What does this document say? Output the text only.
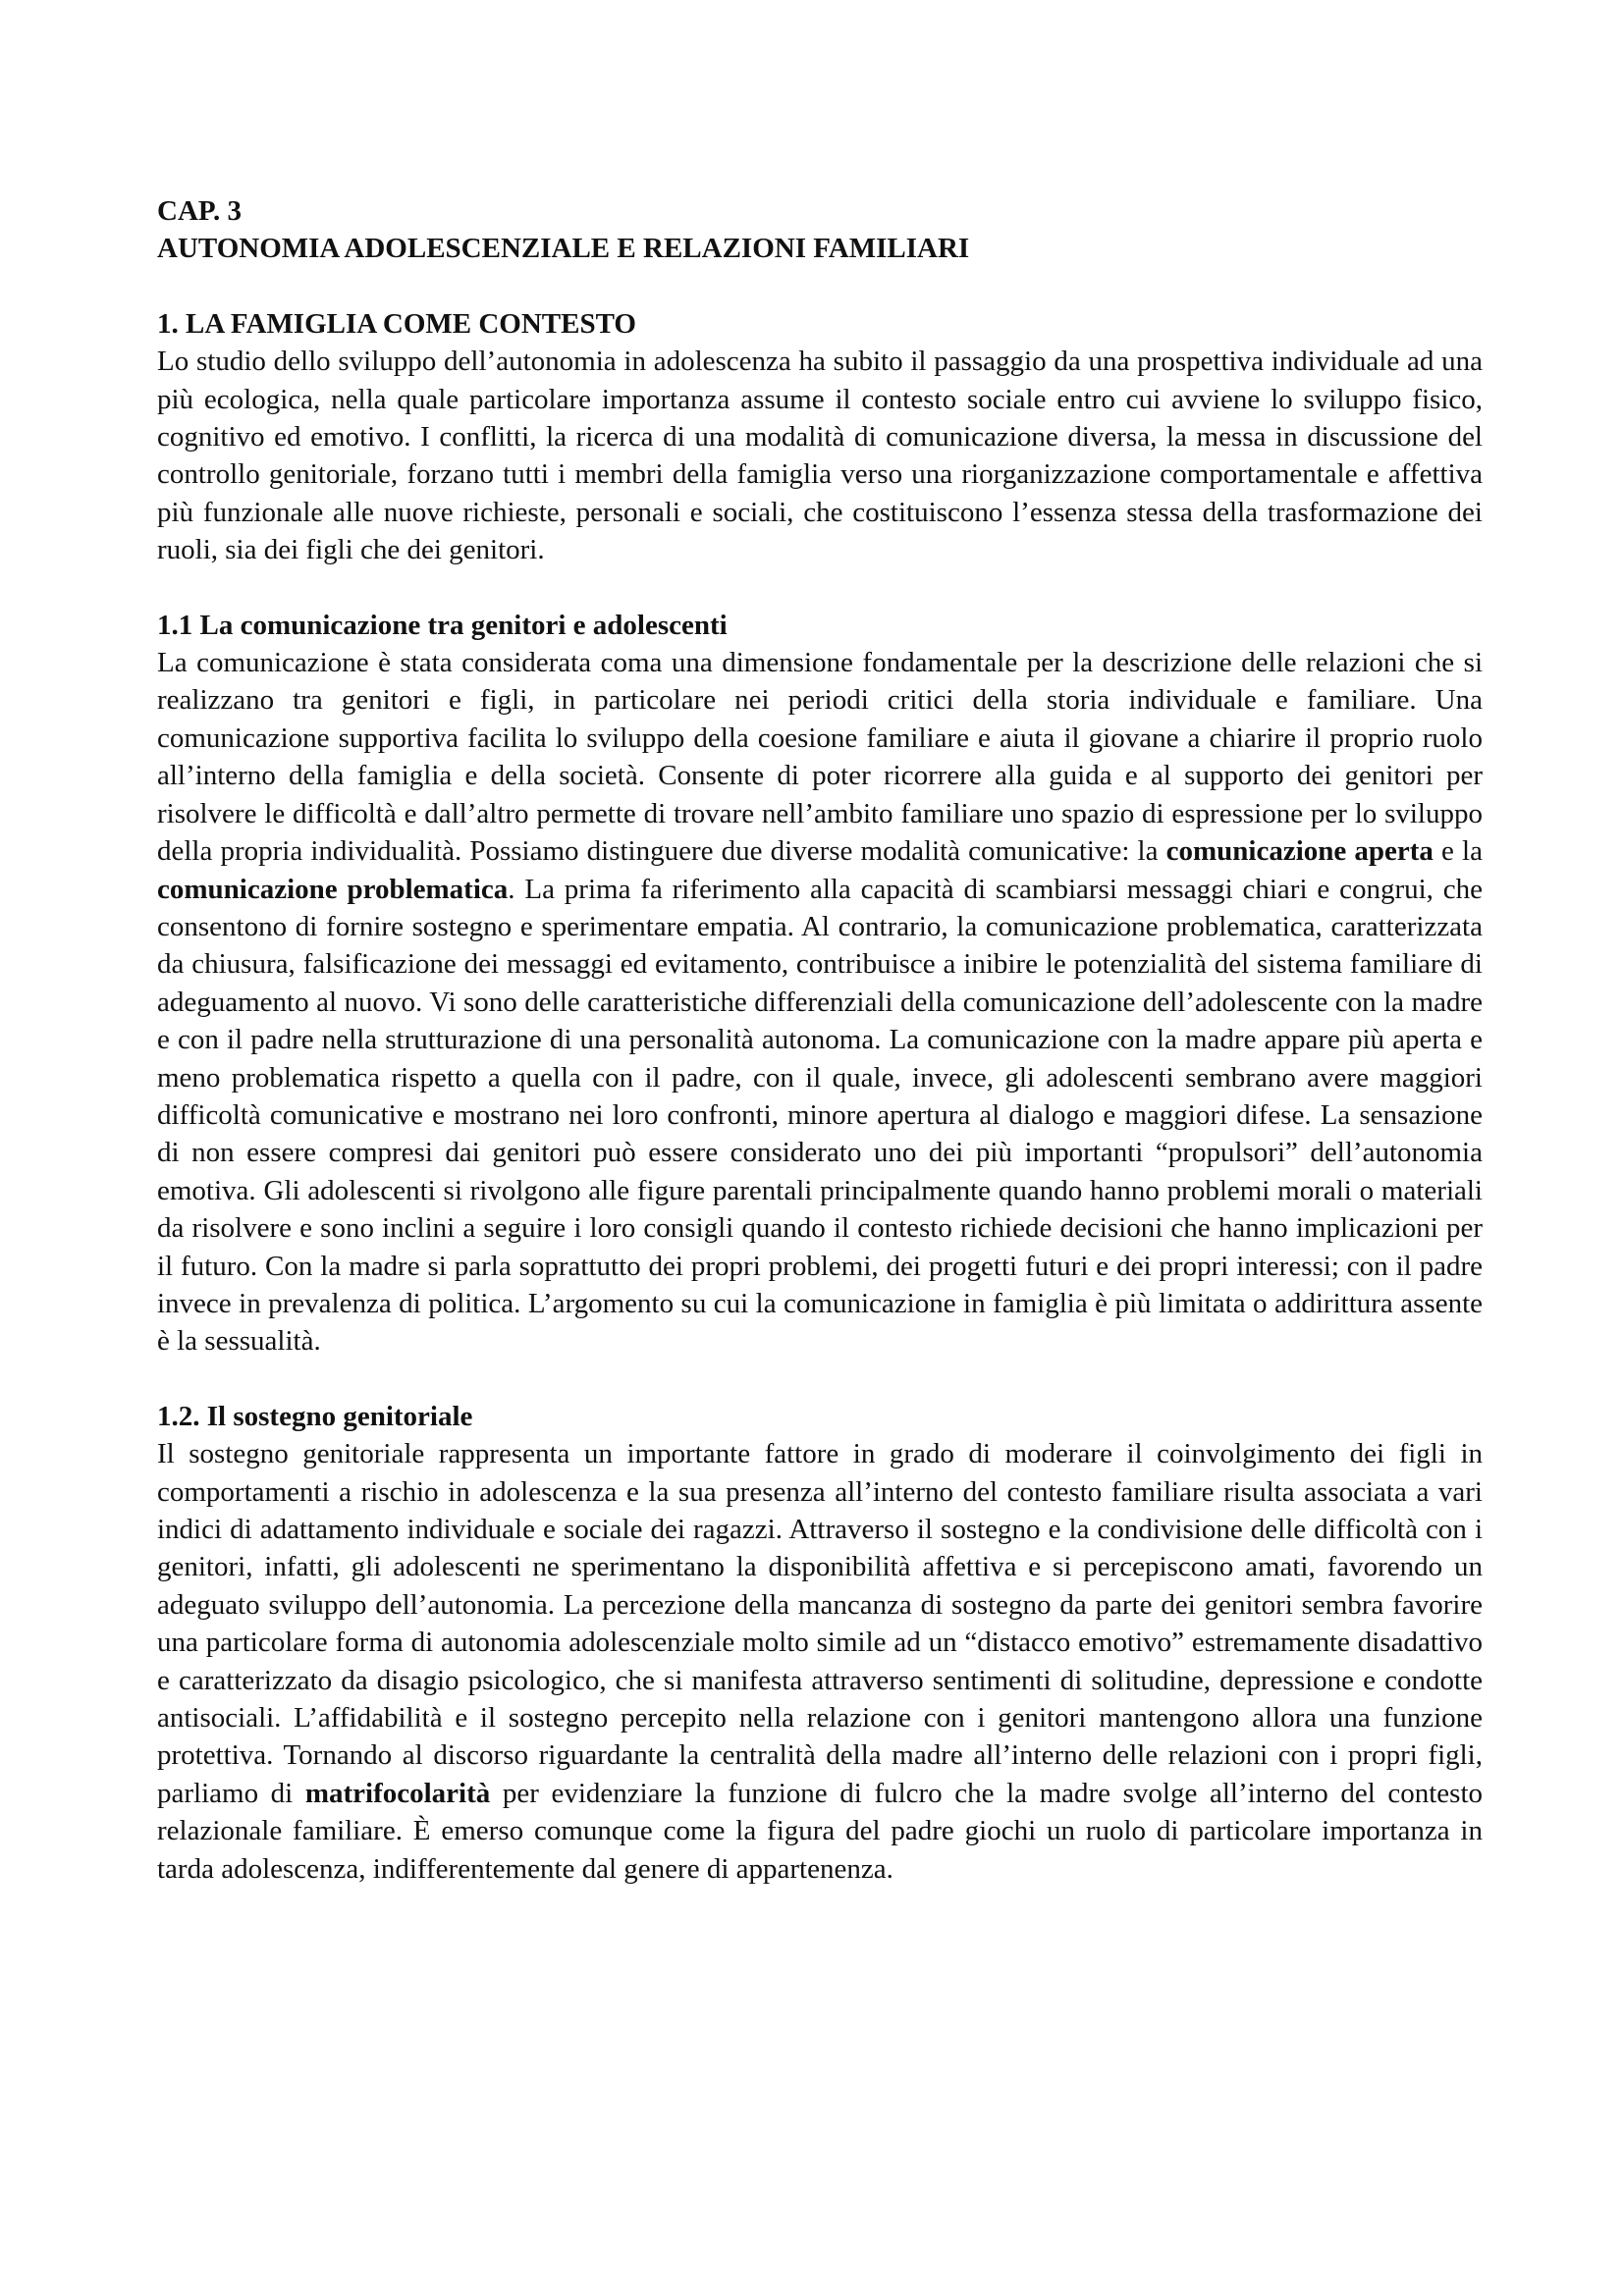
CAP. 3
AUTONOMIA ADOLESCENZIALE E RELAZIONI FAMILIARI
1. LA FAMIGLIA COME CONTESTO

Lo studio dello sviluppo dell’autonomia in adolescenza ha subito il passaggio da una prospettiva individuale ad una più ecologica, nella quale particolare importanza assume il contesto sociale entro cui avviene lo sviluppo fisico, cognitivo ed emotivo. I conflitti, la ricerca di una modalità di comunicazione diversa, la messa in discussione del controllo genitoriale, forzano tutti i membri della famiglia verso una riorganizzazione comportamentale e affettiva più funzionale alle nuove richieste, personali e sociali, che costituiscono l’essenza stessa della trasformazione dei ruoli, sia dei figli che dei genitori.

1.1 La comunicazione tra genitori e adolescenti

La comunicazione è stata considerata coma una dimensione fondamentale per la descrizione delle relazioni che si realizzano tra genitori e figli, in particolare nei periodi critici della storia individuale e familiare. Una comunicazione supportiva facilita lo sviluppo della coesione familiare e aiuta il giovane a chiarire il proprio ruolo all’interno della famiglia e della società. Consente di poter ricorrere alla guida e al supporto dei genitori per risolvere le difficoltà e dall’altro permette di trovare nell’ambito familiare uno spazio di espressione per lo sviluppo della propria individualità. Possiamo distinguere due diverse modalità comunicative: la comunicazione aperta e la comunicazione problematica. La prima fa riferimento alla capacità di scambiarsi messaggi chiari e congrui, che consentono di fornire sostegno e sperimentare empatia. Al contrario, la comunicazione problematica, caratterizzata da chiusura, falsificazione dei messaggi ed evitamento, contribuisce a inibire le potenzialità del sistema familiare di adeguamento al nuovo. Vi sono delle caratteristiche differenziali della comunicazione dell’adolescente con la madre e con il padre nella strutturazione di una personalità autonoma. La comunicazione con la madre appare più aperta e meno problematica rispetto a quella con il padre, con il quale, invece, gli adolescenti sembrano avere maggiori difficoltà comunicative e mostrano nei loro confronti, minore apertura al dialogo e maggiori difese. La sensazione di non essere compresi dai genitori può essere considerato uno dei più importanti “propulsori” dell’autonomia emotiva. Gli adolescenti si rivolgono alle figure parentali principalmente quando hanno problemi morali o materiali da risolvere e sono inclini a seguire i loro consigli quando il contesto richiede decisioni che hanno implicazioni per il futuro. Con la madre si parla soprattutto dei propri problemi, dei progetti futuri e dei propri interessi; con il padre invece in prevalenza di politica. L’argomento su cui la comunicazione in famiglia è più limitata o addirittura assente è la sessualità.

1.2. Il sostegno genitoriale

Il sostegno genitoriale rappresenta un importante fattore in grado di moderare il coinvolgimento dei figli in comportamenti a rischio in adolescenza e la sua presenza all’interno del contesto familiare risulta associata a vari indici di adattamento individuale e sociale dei ragazzi. Attraverso il sostegno e la condivisione delle difficoltà con i genitori, infatti, gli adolescenti ne sperimentano la disponibilità affettiva e si percepiscono amati, favorendo un adeguato sviluppo dell’autonomia. La percezione della mancanza di sostegno da parte dei genitori sembra favorire una particolare forma di autonomia adolescenziale molto simile ad un “distacco emotivo” estremamente disadattivo e caratterizzato da disagio psicologico, che si manifesta attraverso sentimenti di solitudine, depressione e condotte antisociali. L’affidabilità e il sostegno percepito nella relazione con i genitori mantengono allora una funzione protettiva. Tornando al discorso riguardante la centralità della madre all’interno delle relazioni con i propri figli, parliamo di matrifocolarità per evidenziare la funzione di fulcro che la madre svolge all’interno del contesto relazionale familiare. È emerso comunque come la figura del padre giochi un ruolo di particolare importanza in tarda adolescenza, indifferentemente dal genere di appartenenza.
